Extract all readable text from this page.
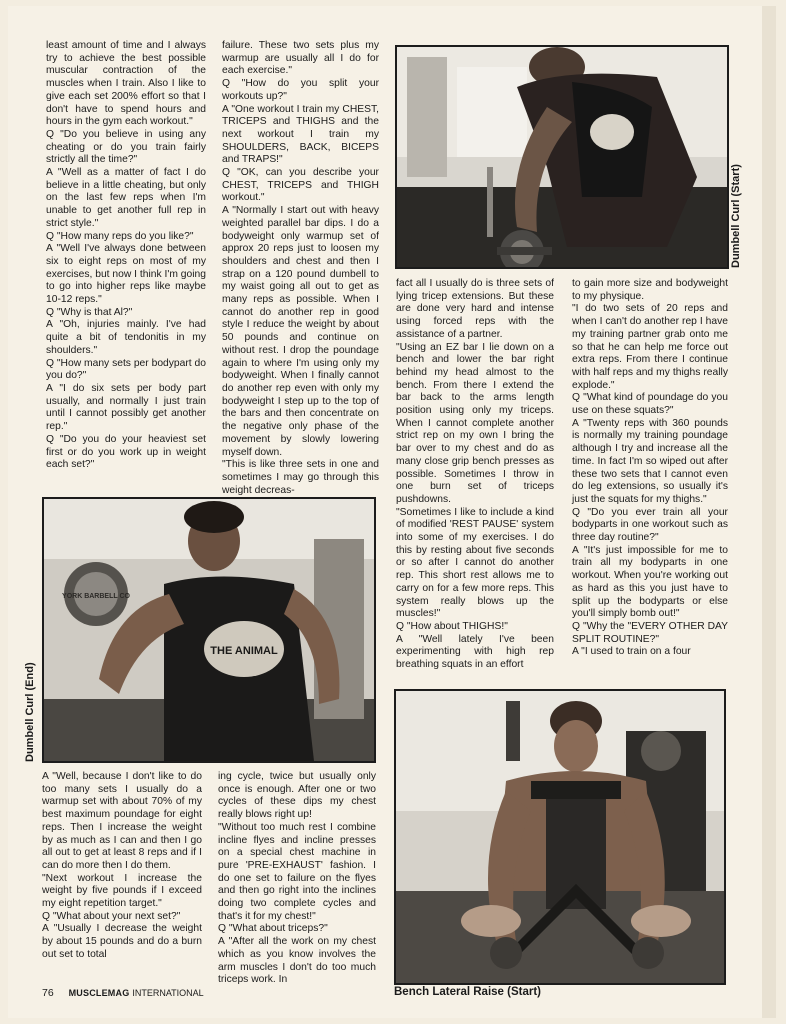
least amount of time and I always try to achieve the best possible muscular contraction of the muscles when I train. Also I like to give each set 200% effort so that I don't have to spend hours and hours in the gym each workout."

Q "Do you believe in using any cheating or do you train fairly strictly all the time?"

A "Well as a matter of fact I do believe in a little cheating, but only on the last few reps when I'm unable to get another full rep in strict style."

Q "How many reps do you like?"

A "Well I've always done between six to eight reps on most of my exercises, but now I think I'm going to go into higher reps like maybe 10-12 reps."

Q "Why is that Al?"

A "Oh, injuries mainly. I've had quite a bit of tendonitis in my shoulders."

Q "How many sets per bodypart do you do?"

A "I do six sets per body part usually, and normally I just train until I cannot possibly get another rep."

Q "Do you do your heaviest set first or do you work up in weight each set?"

failure. These two sets plus my warmup are usually all I do for each exercise."

Q "How do you split your workouts up?"

A "One workout I train my CHEST, TRICEPS and THIGHS and the next workout I train my SHOULDERS, BACK, BICEPS and TRAPS!"

Q "OK, can you describe your CHEST, TRICEPS and THIGH workout."

A "Normally I start out with heavy weighted parallel bar dips. I do a bodyweight only warmup set of approx 20 reps just to loosen my shoulders and chest and then I strap on a 120 pound dumbell to my waist going all out to get as many reps as possible. When I cannot do another rep in good style I reduce the weight by about 50 pounds and continue on without rest. I drop the poundage again to where I'm using only my bodyweight. When I finally cannot do another rep even with only my bodyweight I step up to the top of the bars and then concentrate on the negative only phase of the movement by slowly lowering myself down.

"This is like three sets in one and sometimes I may go through this weight decreas-

fact all I usually do is three sets of lying tricep extensions. But these are done very hard and intense using forced reps with the assistance of a partner.

"Using an EZ bar I lie down on a bench and lower the bar right behind my head almost to the bench. From there I extend the bar back to the arms length position using only my triceps. When I cannot complete another strict rep on my own I bring the bar over to my chest and do as many close grip bench presses as possible. Sometimes I throw in one burn set of triceps pushdowns.

"Sometimes I like to include a kind of modified 'REST PAUSE' system into some of my exercises. I do this by resting about five seconds or so after I cannot do another rep. This short rest allows me to carry on for a few more reps. This system really blows up the muscles!"

Q "How about THIGHS!"

A "Well lately I've been experimenting with high rep breathing squats in an effort

to gain more size and bodyweight to my physique.

"I do two sets of 20 reps and when I can't do another rep I have my training partner grab onto me so that he can help me force out extra reps. From there I continue with half reps and my thighs really explode."

Q "What kind of poundage do you use on these squats?"

A "Twenty reps with 360 pounds is normally my training poundage although I try and increase all the time. In fact I'm so wiped out after these two sets that I cannot even do leg extensions, so usually it's just the squats for my thighs."

Q "Do you ever train all your bodyparts in one workout such as three day routine?"

A "It's just impossible for me to train all my bodyparts in one workout. When you're working out as hard as this you just have to split up the bodyparts or else you'll simply bomb out!"

Q "Why the "EVERY OTHER DAY SPLIT ROUTINE?"

A "I used to train on a four

A "Well, because I don't like to do too many sets I usually do a warmup set with about 70% of my best maximum poundage for eight reps. Then I increase the weight by as much as I can and then I go all out to get at least 8 reps and if I can do more then I do them.

"Next workout I increase the weight by five pounds if I exceed my eight repetition target."

Q "What about your next set?"

A "Usually I decrease the weight by about 15 pounds and do a burn out set to total

ing cycle, twice but usually only once is enough. After one or two cycles of these dips my chest really blows right up!

"Without too much rest I combine incline flyes and incline presses on a special chest machine in pure 'PRE-EXHAUST' fashion. I do one set to failure on the flyes and then go right into the inclines doing two complete cycles and that's it for my chest!"

Q "What about triceps?"

A "After all the work on my chest which as you know involves the arm muscles I don't do too much triceps work. In

Dumbell Curl (Start)
THE ANIMAL
YORK BARBELL CO
Dumbell Curl (End)
Bench Lateral Raise (Start)
76 MUSCLEMAG INTERNATIONAL
